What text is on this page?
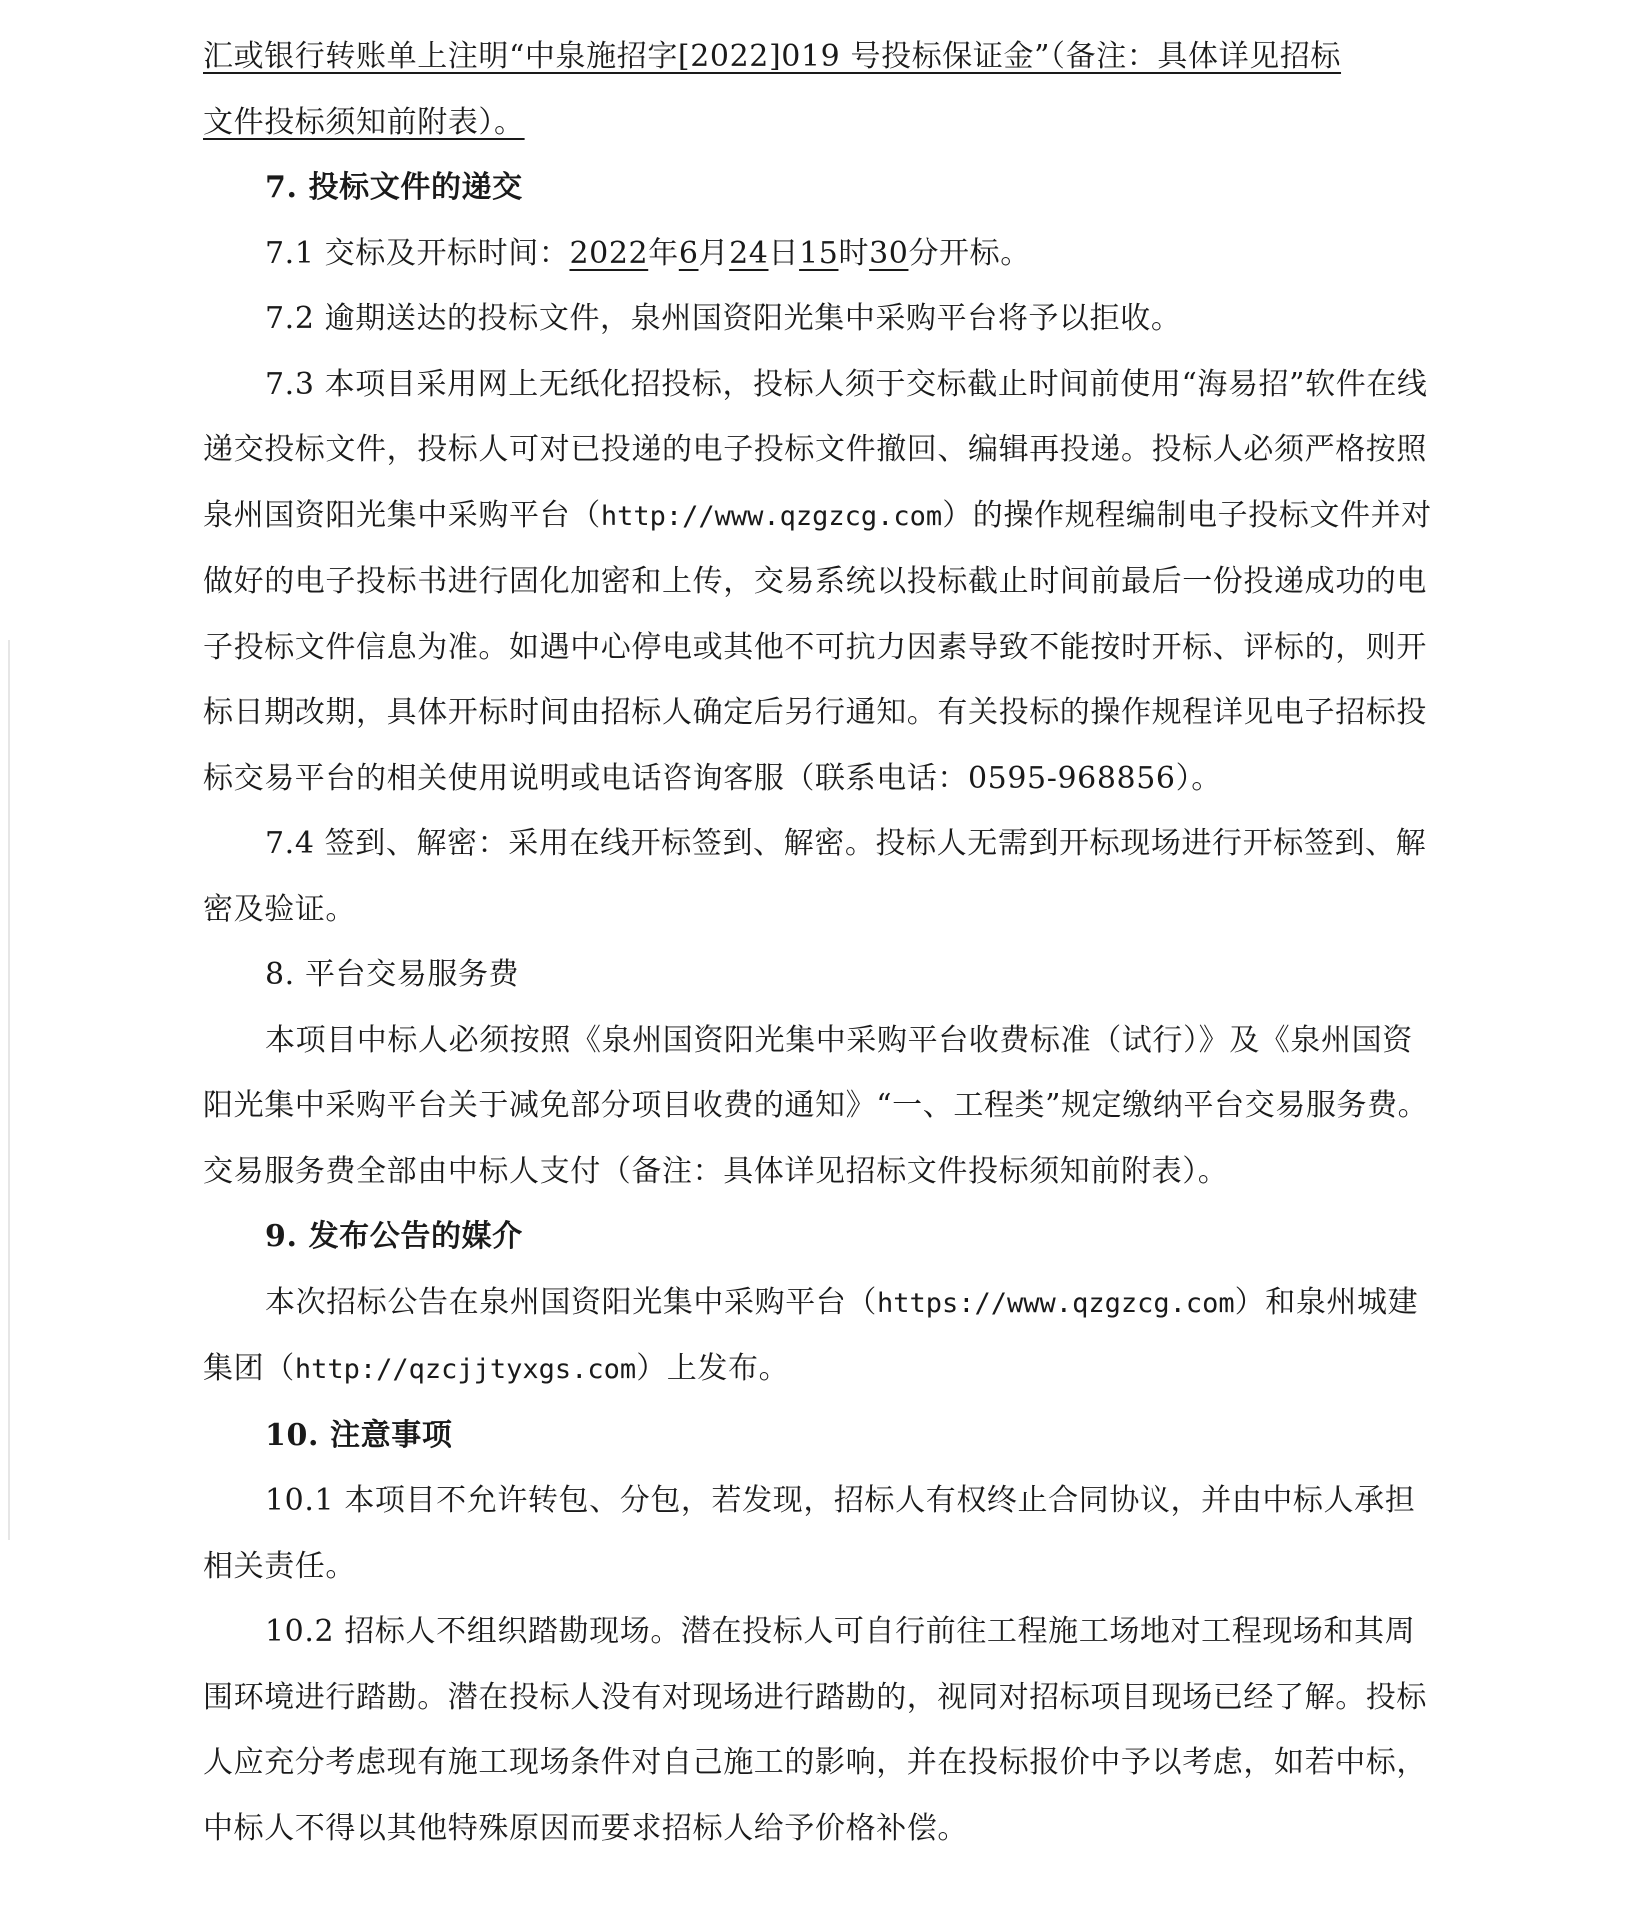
汇或银行转账单上注明“中泉施招字[2022]019 号投标保证金”（备注：具体详见招标
文件投标须知前附表）。

7. 投标文件的递交

7.1 交标及开标时间：2022年6月24日15时30分开标。

7.2 逾期送达的投标文件，泉州国资阳光集中采购平台将予以拒收。

7.3 本项目采用网上无纸化招投标，投标人须于交标截止时间前使用“海易招”软件在线递交投标文件，投标人可对已投递的电子投标文件撤回、编辑再投递。投标人必须严格按照泉州国资阳光集中采购平台（http://www.qzgzcg.com）的操作规程编制电子投标文件并对做好的电子投标书进行固化加密和上传，交易系统以投标截止时间前最后一份投递成功的电子投标文件信息为准。如遇中心停电或其他不可抗力因素导致不能按时开标、评标的，则开标日期改期，具体开标时间由招标人确定后另行通知。有关投标的操作规程详见电子招标投标交易平台的相关使用说明或电话咨询客服（联系电话：0595-968856）。

7.4 签到、解密：采用在线开标签到、解密。投标人无需到开标现场进行开标签到、解密及验证。

8. 平台交易服务费

本项目中标人必须按照《泉州国资阳光集中采购平台收费标准（试行）》及《泉州国资阳光集中采购平台关于减免部分项目收费的通知》“一、工程类”规定缴纳平台交易服务费。交易服务费全部由中标人支付（备注：具体详见招标文件投标须知前附表）。

9. 发布公告的媒介

本次招标公告在泉州国资阳光集中采购平台（https://www.qzgzcg.com）和泉州城建集团（http://qzcjjtyxgs.com）上发布。

10. 注意事项

10.1 本项目不允许转包、分包，若发现，招标人有权终止合同协议，并由中标人承担相关责任。

10.2 招标人不组织踏勘现场。潜在投标人可自行前往工程施工场地对工程现场和其周围环境进行踏勘。潜在投标人没有对现场进行踏勘的，视同对招标项目现场已经了解。投标人应充分考虑现有施工现场条件对自己施工的影响，并在投标报价中予以考虑，如若中标，中标人不得以其他特殊原因而要求招标人给予价格补偿。
